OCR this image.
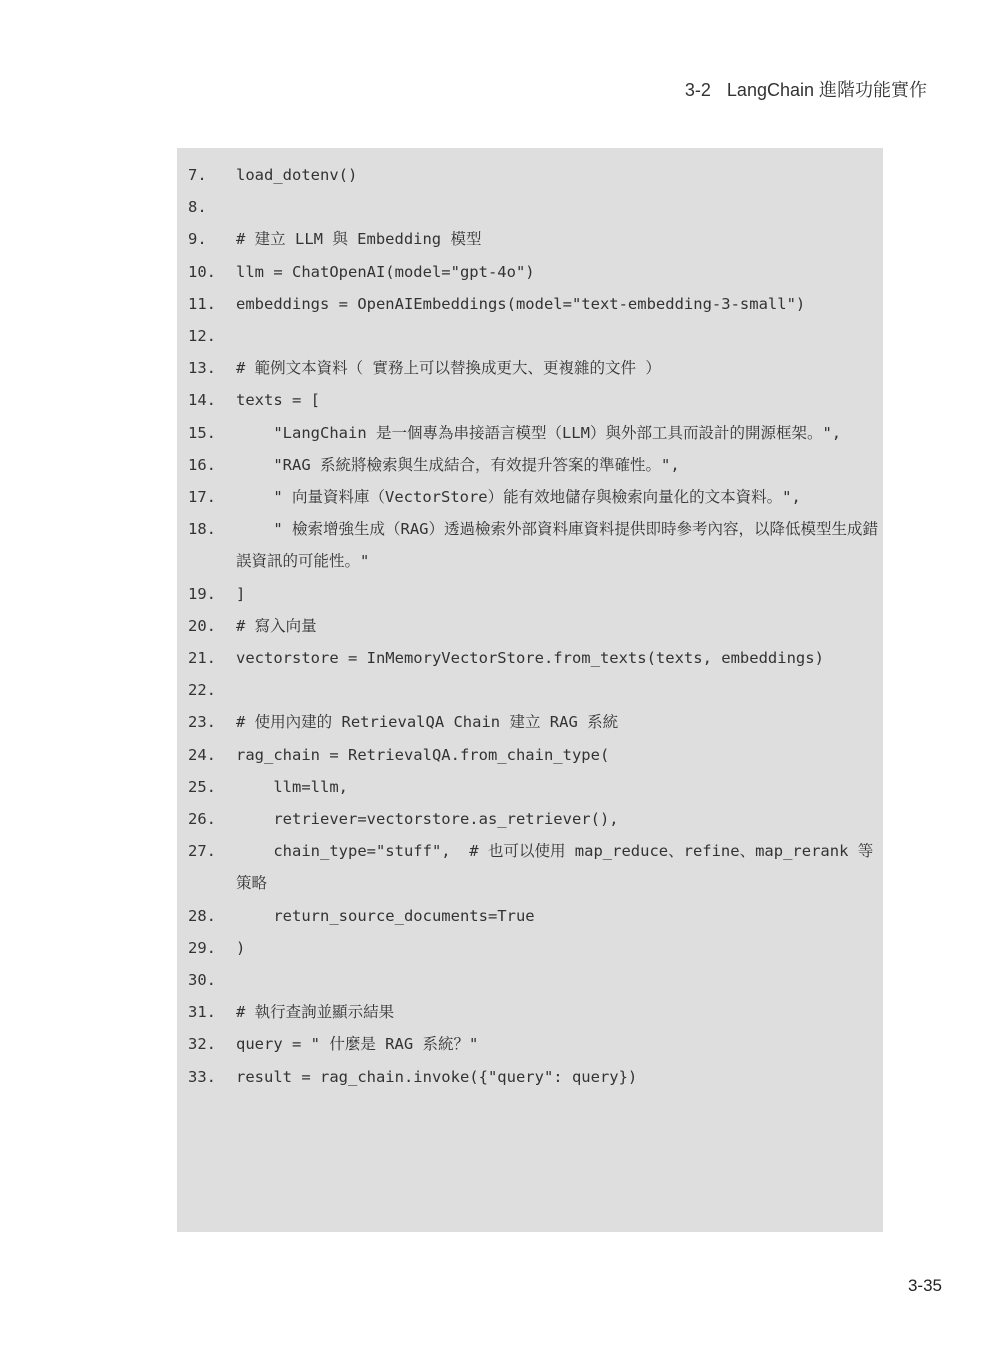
3-2 LangChain 進階功能實作
7.	load_dotenv()
8.
9.	# 建立 LLM 與 Embedding 模型
10.	llm = ChatOpenAI(model="gpt-4o")
11.	embeddings = OpenAIEmbeddings(model="text-embedding-3-small")
12.
13.	# 範例文本資料（ 實務上可以替換成更大、更複雜的文件 ）
14.	texts = [
15.	"LangChain 是一個專為串接語言模型（LLM）與外部工具而設計的開源框架。",
16.	"RAG 系統將檢索與生成結合，有效提升答案的準確性。",
17.	" 向量資料庫（VectorStore）能有效地儲存與檢索向量化的文本資料。",
18.	" 檢索增強生成（RAG）透過檢索外部資料庫資料提供即時參考內容，以降低模型生成錯誤資訊的可能性。"
19.	]
20.	# 寫入向量
21.	vectorstore = InMemoryVectorStore.from_texts(texts, embeddings)
22.
23.	# 使用內建的 RetrievalQA Chain 建立 RAG 系統
24.	rag_chain = RetrievalQA.from_chain_type(
25.	llm=llm,
26.	retriever=vectorstore.as_retriever(),
27.	chain_type="stuff",  # 也可以使用 map_reduce、refine、map_rerank 等策略
28.	return_source_documents=True
29.	)
30.
31.	# 執行查詢並顯示結果
32.	query = " 什麼是 RAG 系統？"
33.	result = rag_chain.invoke({"query": query})
3-35
